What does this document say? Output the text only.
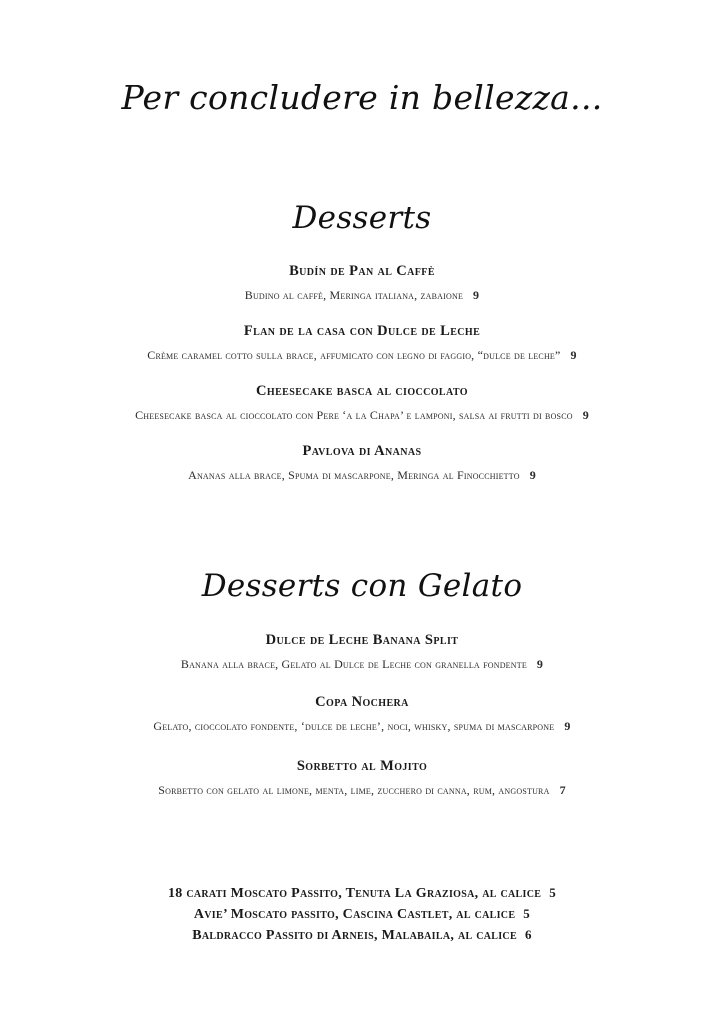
Per concludere in bellezza...
Desserts
Budín de Pan al Caffè
Budino al caffè, Meringa italiana, zabaione 9
Flan de la casa con Dulce de Leche
Crème caramel cotto sulla brace, affumicato con legno di faggio, “dulce de leche” 9
Cheesecake basca al cioccolato
Cheesecake basca al cioccolato con Pere ‘a la Chapa’ e lamponi, salsa ai frutti di bosco 9
Pavlova di Ananas
Ananas alla brace, Spuma di mascarpone, Meringa al Finocchietto 9
Desserts con Gelato
Dulce de Leche Banana Split
Banana alla brace, Gelato al Dulce de Leche con granella fondente 9
Copa Nochera
Gelato, cioccolato fondente, ‘dulce de leche’, noci, whisky, spuma di mascarpone 9
Sorbetto al Mojito
Sorbetto con gelato al limone, menta, lime, zucchero di canna, rum, angostura 7
18 carati Moscato Passito, Tenuta La Graziosa, al calice 5
Avie’ Moscato passito, Cascina Castlet, al calice 5
Baldracco Passito di Arneis, Malabaila, al calice 6
